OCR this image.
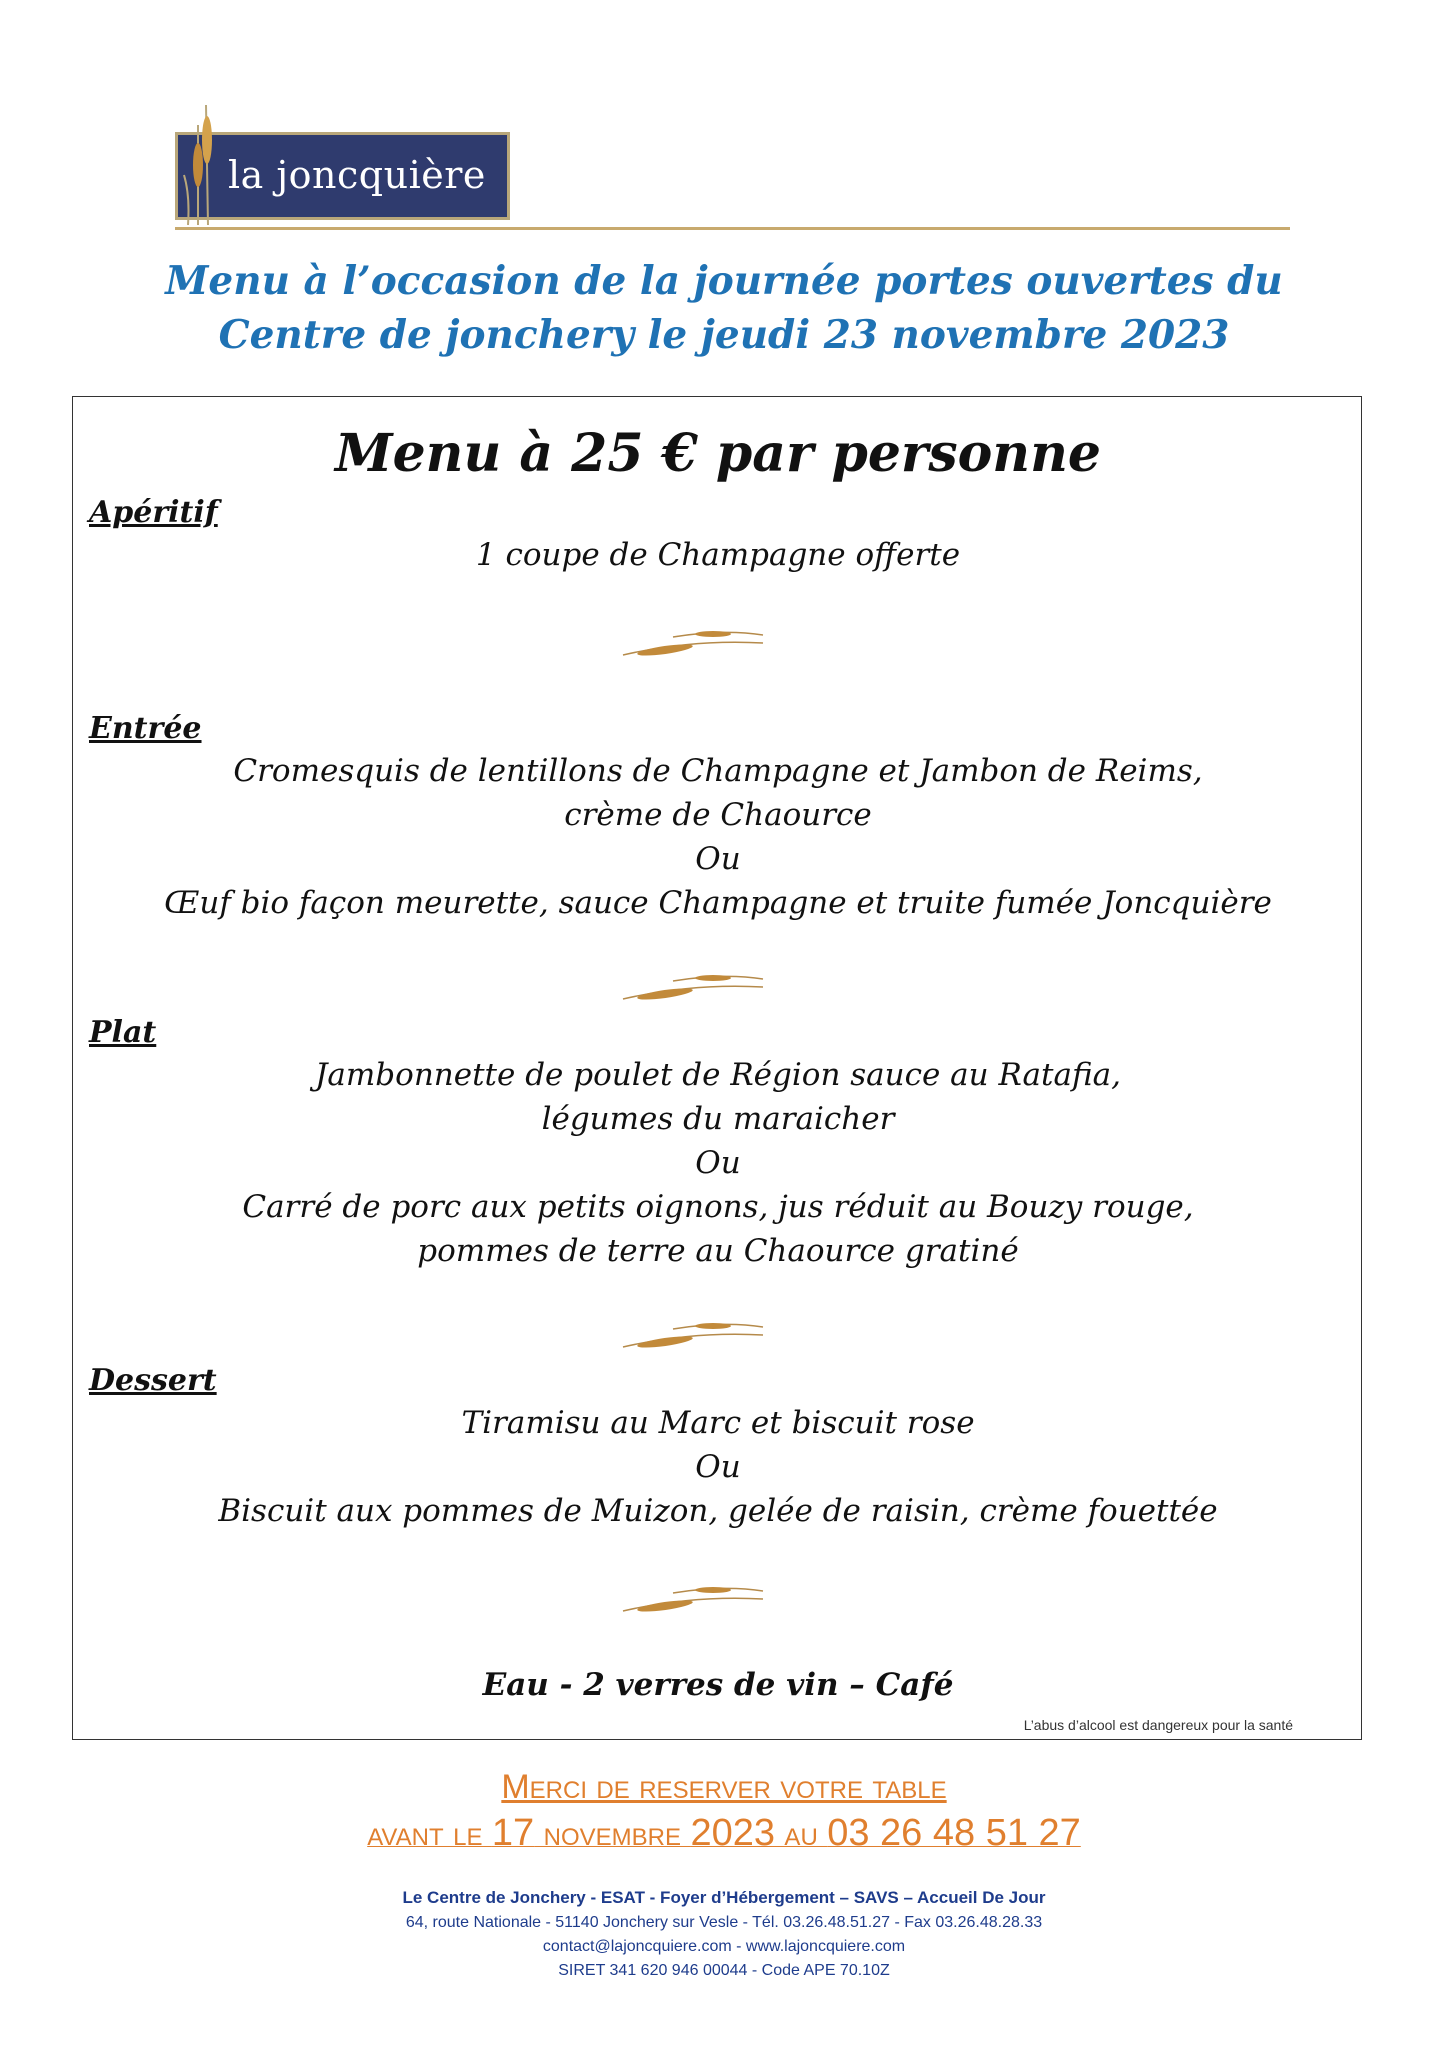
la joncquière
Menu à l’occasion de la journée portes ouvertes du
Centre de jonchery le jeudi 23 novembre 2023
Menu à 25 € par personne
Apéritif
1 coupe de Champagne offerte
Entrée
Cromesquis de lentillons de Champagne et Jambon de Reims,
crème de Chaource
Ou
Œuf bio façon meurette, sauce Champagne et truite fumée Joncquière
Plat
Jambonnette de poulet de Région sauce au Ratafia,
légumes du maraicher
Ou
Carré de porc aux petits oignons, jus réduit au Bouzy rouge,
pommes de terre au Chaource gratiné
Dessert
Tiramisu au Marc et biscuit rose
Ou
Biscuit aux pommes de Muizon, gelée de raisin, crème fouettée
Eau - 2 verres de vin – Café
L’abus d’alcool est dangereux pour la santé
Merci de reserver votre table
avant le 17 novembre 2023 au 03 26 48 51 27
Le Centre de Jonchery - ESAT - Foyer d’Hébergement – SAVS – Accueil De Jour
64, route Nationale - 51140 Jonchery sur Vesle - Tél. 03.26.48.51.27 - Fax 03.26.48.28.33
contact@lajoncquiere.com - www.lajoncquiere.com
SIRET 341 620 946 00044 - Code APE 70.10Z
